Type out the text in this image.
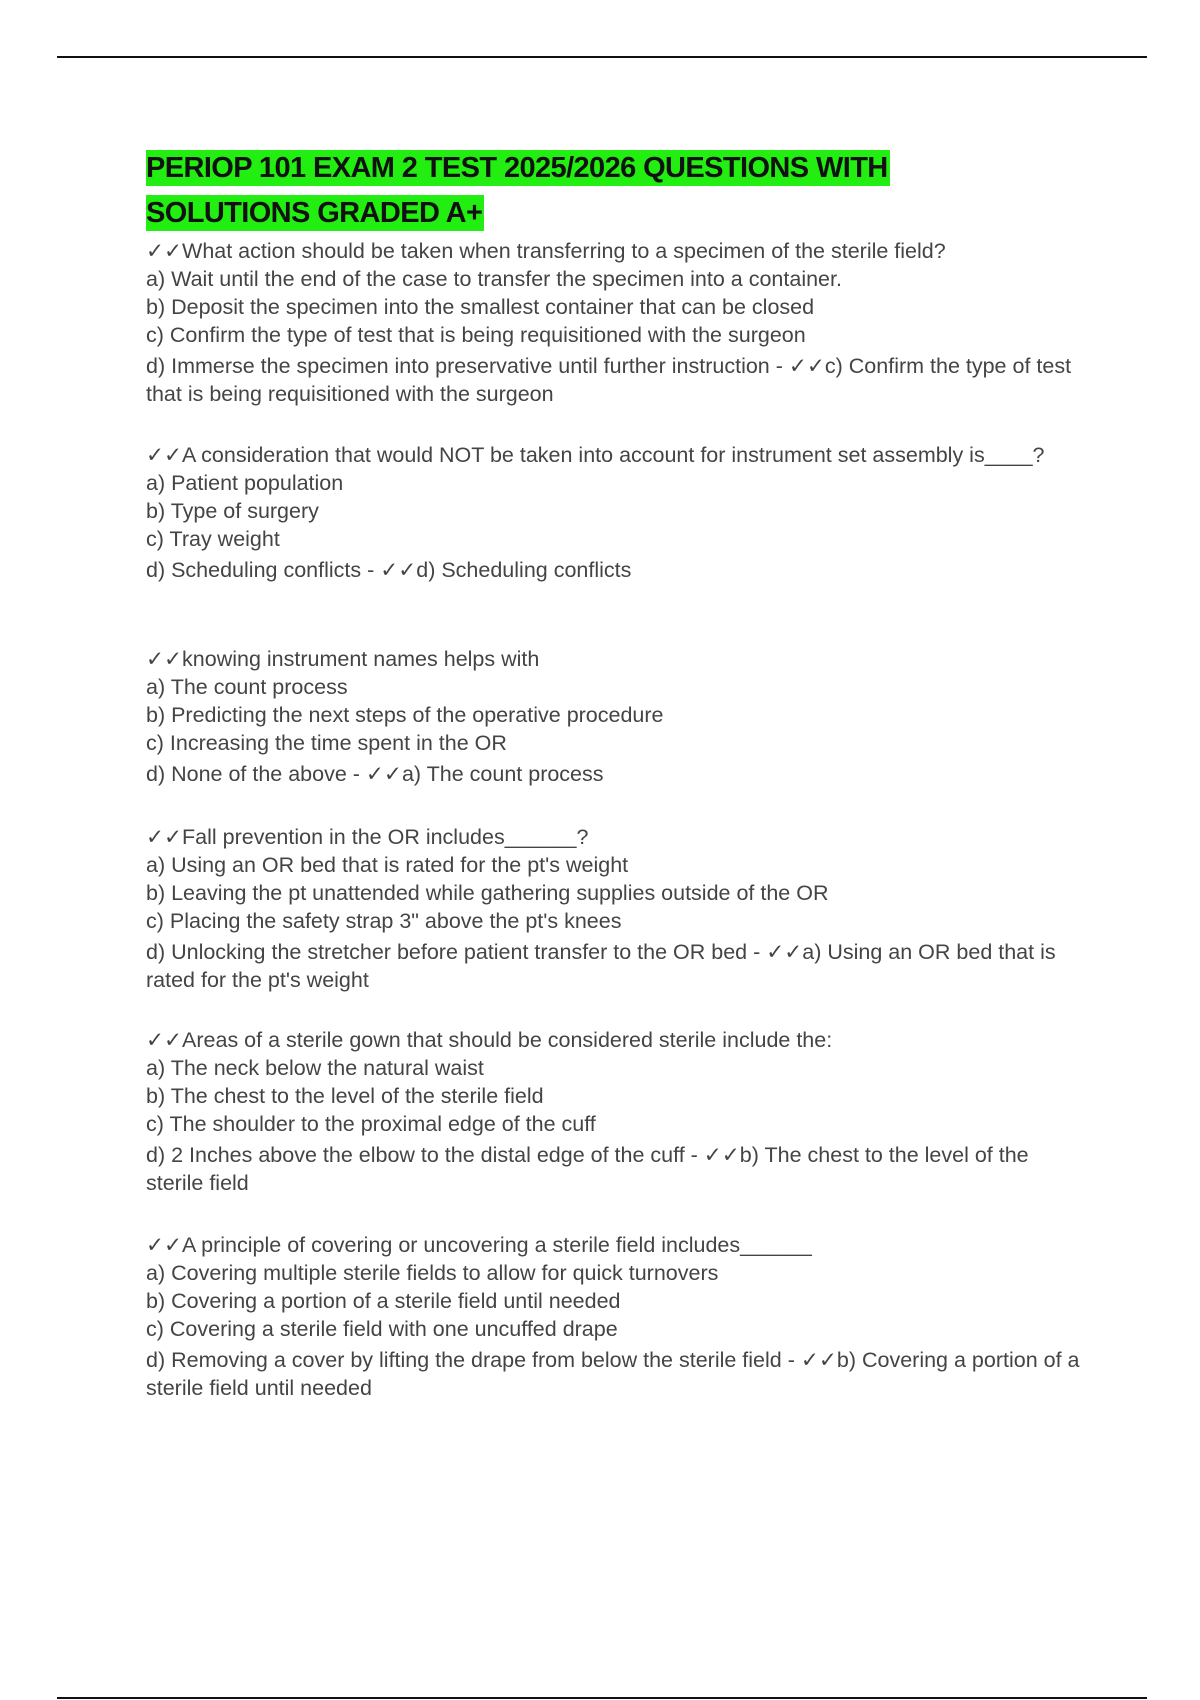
PERIOP 101 EXAM 2 TEST 2025/2026 QUESTIONS WITH
SOLUTIONS GRADED A+
✓✓What action should be taken when transferring to a specimen of the sterile field?
a) Wait until the end of the case to transfer the specimen into a container.
b) Deposit the specimen into the smallest container that can be closed
c) Confirm the type of test that is being requisitioned with the surgeon
d) Immerse the specimen into preservative until further instruction - ✓✓c) Confirm the type of test that is being requisitioned with the surgeon
✓✓A consideration that would NOT be taken into account for instrument set assembly is____?
a) Patient population
b) Type of surgery
c) Tray weight
d) Scheduling conflicts - ✓✓d) Scheduling conflicts
✓✓knowing instrument names helps with
a) The count process
b) Predicting the next steps of the operative procedure
c) Increasing the time spent in the OR
d) None of the above - ✓✓a) The count process
✓✓Fall prevention in the OR includes______?
a) Using an OR bed that is rated for the pt's weight
b) Leaving the pt unattended while gathering supplies outside of the OR
c) Placing the safety strap 3" above the pt's knees
d) Unlocking the stretcher before patient transfer to the OR bed - ✓✓a) Using an OR bed that is rated for the pt's weight
✓✓Areas of a sterile gown that should be considered sterile include the:
a) The neck below the natural waist
b) The chest to the level of the sterile field
c) The shoulder to the proximal edge of the cuff
d) 2 Inches above the elbow to the distal edge of the cuff - ✓✓b) The chest to the level of the sterile field
✓✓A principle of covering or uncovering a sterile field includes______
a) Covering multiple sterile fields to allow for quick turnovers
b) Covering a portion of a sterile field until needed
c) Covering a sterile field with one uncuffed drape
d) Removing a cover by lifting the drape from below the sterile field - ✓✓b) Covering a portion of a sterile field until needed
